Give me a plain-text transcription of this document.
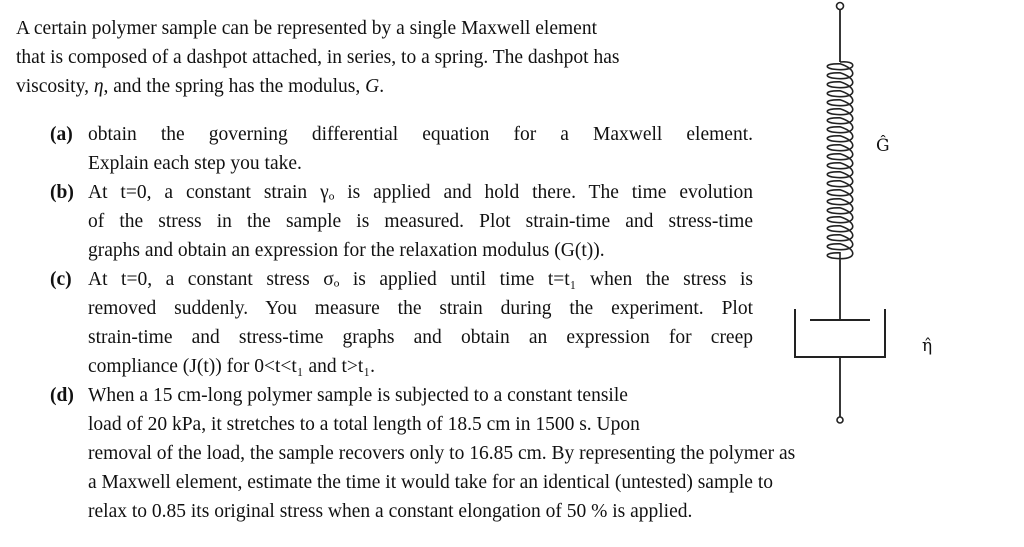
A certain polymer sample can be represented by a single Maxwell element
that is composed of a dashpot attached, in series, to a spring. The dashpot has
viscosity, η, and the spring has the modulus, G.
(a) obtain the governing differential equation for a Maxwell element.
Explain each step you take.
(b) At t=0, a constant strain γₒ is applied and hold there. The time evolution
of the stress in the sample is measured. Plot strain-time and stress-time
graphs and obtain an expression for the relaxation modulus (G(t)).
(c) At t=0, a constant stress σₒ is applied until time t=t₁ when the stress is
removed suddenly. You measure the strain during the experiment. Plot
strain-time and stress-time graphs and obtain an expression for creep
compliance (J(t)) for 0<t<t₁ and t>t₁.
(d) When a 15 cm-long polymer sample is subjected to a constant tensile
load of 20 kPa, it stretches to a total length of 18.5 cm in 1500 s. Upon
removal of the load, the sample recovers only to 16.85 cm. By representing the polymer as
a Maxwell element, estimate the time it would take for an identical (untested) sample to
relax to 0.85 its original stress when a constant elongation of 50 % is applied.
Ĝ
η̂
